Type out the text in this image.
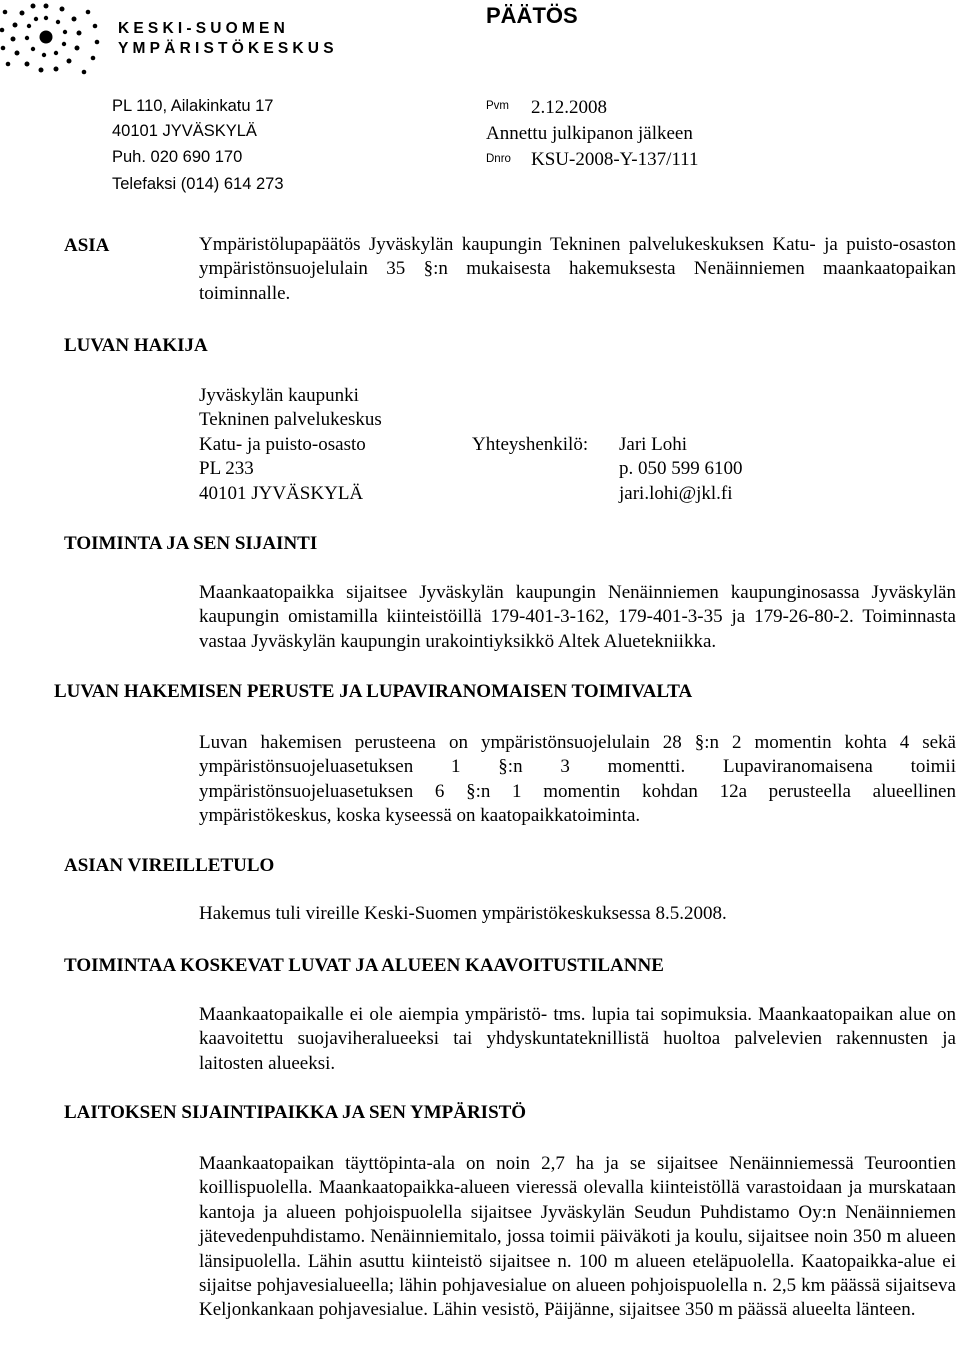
KESKI-SUOMEN
YMPÄRISTÖKESKUS
PÄÄTÖS
PL 110, Ailakinkatu 17
40101 JYVÄSKYLÄ
Puh. 020 690 170
Telefaksi (014) 614 273
Pvm 2.12.2008
Annettu julkipanon jälkeen
Dnro KSU-2008-Y-137/111
ASIA	Ympäristölupapäätös Jyväskylän kaupungin Tekninen palvelukeskuksen Katu- ja puisto-osaston ympäristönsuojelulain 35 §:n mukaisesta hakemuksesta Nenäinniemen maankaatopaikan toiminnalle.

LUVAN HAKIJA
Jyväskylän kaupunki
Tekninen palvelukeskus
Katu- ja puisto-osasto
PL 233
40101 JYVÄSKYLÄ
Yhteyshenkilö: Jari Lohi
p. 050 599 6100
jari.lohi@jkl.fi
TOIMINTA JA SEN SIJAINTI

Maankaatopaikka sijaitsee Jyväskylän kaupungin Nenäinniemen kaupunginosassa Jyväskylän kaupungin omistamilla kiinteistöillä 179-401-3-162, 179-401-3-35 ja 179-26-80-2. Toiminnasta vastaa Jyväskylän kaupungin urakointiyksikkö Altek Aluetekniikka.

LUVAN HAKEMISEN PERUSTE JA LUPAVIRANOMAISEN TOIMIVALTA

Luvan hakemisen perusteena on ympäristönsuojelulain 28 §:n 2 momentin kohta 4 sekä ympäristönsuojeluasetuksen 1 §:n 3 momentti. Lupaviranomaisena toimii ympäristönsuojeluasetuksen 6 §:n 1 momentin kohdan 12a perusteella alueellinen ympäristökeskus, koska kyseessä on kaatopaikkatoiminta.

ASIAN VIREILLETULO
Hakemus tuli vireille Keski-Suomen ympäristökeskuksessa 8.5.2008.
TOIMINTAA KOSKEVAT LUVAT JA ALUEEN KAAVOITUSTILANNE

Maankaatopaikalle ei ole aiempia ympäristö- tms. lupia tai sopimuksia. Maankaatopaikan alue on kaavoitettu suojaviheralueeksi tai yhdyskuntateknillistä huoltoa palvelevien rakennusten ja laitosten alueeksi.

LAITOKSEN SIJAINTIPAIKKA JA SEN YMPÄRISTÖ

Maankaatopaikan täyttöpinta-ala on noin 2,7 ha ja se sijaitsee Nenäinniemessä Teuroontien koillispuolella. Maankaatopaikka-alueen vieressä olevalla kiinteistöllä varastoidaan ja murskataan kantoja ja alueen pohjoispuolella sijaitsee Jyväskylän Seudun Puhdistamo Oy:n Nenäinniemen jätevedenpuhdistamo. Nenäinniemitalo, jossa toimii päiväkoti ja koulu, sijaitsee noin 350 m alueen länsipuolella. Lähin asuttu kiinteistö sijaitsee n. 100 m alueen eteläpuolella. Kaatopaikka-alue ei sijaitse pohjavesialueella; lähin pohjavesialue on alueen pohjoispuolella n. 2,5 km päässä sijaitseva Keljonkankaan pohjavesialue. Lähin vesistö, Päijänne, sijaitsee 350 m päässä alueelta länteen.
